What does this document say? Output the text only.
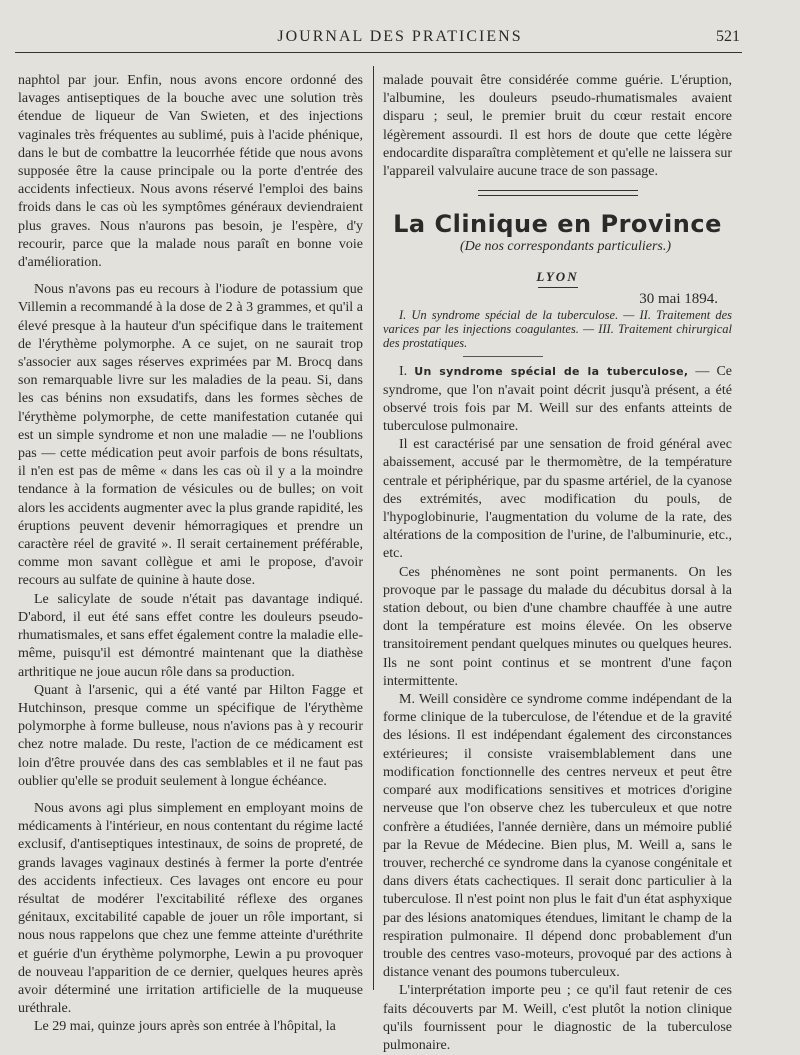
JOURNAL DES PRATICIENS	521

naphtol par jour. Enfin, nous avons encore ordonné des lavages antiseptiques de la bouche avec une solution très étendue de liqueur de Van Swieten, et des injections vaginales très fréquentes au sublimé, puis à l'acide phénique, dans le but de combattre la leucorrhée fétide que nous avons supposée être la cause principale ou la porte d'entrée des accidents infectieux. Nous avons réservé l'emploi des bains froids dans le cas où les symptômes généraux deviendraient plus graves. Nous n'aurons pas besoin, je l'espère, d'y recourir, parce que la malade nous paraît en bonne voie d'amélioration.

Nous n'avons pas eu recours à l'iodure de potassium que Villemin a recommandé à la dose de 2 à 3 grammes, et qu'il a élevé presque à la hauteur d'un spécifique dans le traitement de l'érythème polymorphe. A ce sujet, on ne saurait trop s'associer aux sages réserves exprimées par M. Brocq dans son remarquable livre sur les maladies de la peau. Si, dans les cas bénins non exsudatifs, dans les formes sèches de l'érythème polymorphe, de cette manifestation cutanée qui est un simple syndrome et non une maladie — ne l'oublions pas — cette médication peut avoir parfois de bons résultats, il n'en est pas de même « dans les cas où il y a la moindre tendance à la formation de vésicules ou de bulles; on voit alors les accidents augmenter avec la plus grande rapidité, les éruptions peuvent devenir hémorragiques et prendre un caractère réel de gravité ». Il serait certainement préférable, comme mon savant collègue et ami le propose, d'avoir recours au sulfate de quinine à haute dose.

Le salicylate de soude n'était pas davantage indiqué. D'abord, il eut été sans effet contre les douleurs pseudo-rhumatismales, et sans effet également contre la maladie elle-même, puisqu'il est démontré maintenant que la diathèse arthritique ne joue aucun rôle dans sa production.

Quant à l'arsenic, qui a été vanté par Hilton Fagge et Hutchinson, presque comme un spécifique de l'érythème polymorphe à forme bulleuse, nous n'avions pas à y recourir chez notre malade. Du reste, l'action de ce médicament est loin d'être prouvée dans des cas semblables et il ne faut pas oublier qu'elle se produit seulement à longue échéance.

Nous avons agi plus simplement en employant moins de médicaments à l'intérieur, en nous contentant du régime lacté exclusif, d'antiseptiques intestinaux, de soins de propreté, de grands lavages vaginaux destinés à fermer la porte d'entrée des accidents infectieux. Ces lavages ont encore eu pour résultat de modérer l'excitabilité réflexe des organes génitaux, excitabilité capable de jouer un rôle important, si nous nous rappelons que chez une femme atteinte d'uréthrite et guérie d'un érythème polymorphe, Lewin a pu provoquer de nouveau l'apparition de ce dernier, quelques heures après avoir déterminé une irritation artificielle de la muqueuse uréthrale.

Le 29 mai, quinze jours après son entrée à l'hôpital, la

malade pouvait être considérée comme guérie. L'éruption, l'albumine, les douleurs pseudo-rhumatismales avaient disparu ; seul, le premier bruit du cœur restait encore légèrement assourdi. Il est hors de doute que cette légère endocardite disparaîtra complètement et qu'elle ne laissera sur l'appareil valvulaire aucune trace de son passage.

La Clinique en Province

(De nos correspondants particuliers.)

LYON
30 mai 1894.

I. Un syndrome spécial de la tuberculose. — II. Traitement des varices par les injections coagulantes. — III. Traitement chirurgical des prostatiques.

I. Un syndrome spécial de la tuberculose, — Ce syndrome, que l'on n'avait point décrit jusqu'à présent, a été observé trois fois par M. Weill sur des enfants atteints de tuberculose pulmonaire.

Il est caractérisé par une sensation de froid général avec abaissement, accusé par le thermomètre, de la température centrale et périphérique, par du spasme artériel, de la cyanose des extrémités, avec modification du pouls, de l'hypoglobinurie, l'augmentation du volume de la rate, des altérations de la composition de l'urine, de l'albuminurie, etc., etc.

Ces phénomènes ne sont point permanents. On les provoque par le passage du malade du décubitus dorsal à la station debout, ou bien d'une chambre chauffée à une autre dont la température est moins élevée. On les observe transitoirement pendant quelques minutes ou quelques heures. Ils ne sont point continus et se montrent d'une façon intermittente.

M. Weill considère ce syndrome comme indépendant de la forme clinique de la tuberculose, de l'étendue et de la gravité des lésions. Il est indépendant également des circonstances extérieures; il consiste vraisemblablement dans une modification fonctionnelle des centres nerveux et peut être comparé aux modifications sensitives et motrices d'origine nerveuse que l'on observe chez les tuberculeux et que notre confrère a étudiées, l'année dernière, dans un mémoire publié par la Revue de Médecine. Bien plus, M. Weill a, sans le trouver, recherché ce syndrome dans la cyanose congénitale et dans divers états cachectiques. Il serait donc particulier à la tuberculose. Il n'est point non plus le fait d'un état asphyxique par des lésions anatomiques étendues, limitant le champ de la respiration pulmonaire. Il dépend donc probablement d'un trouble des centres vaso-moteurs, provoqué par des actions à distance venant des poumons tuberculeux.

L'interprétation importe peu ; ce qu'il faut retenir de ces faits découverts par M. Weill, c'est plutôt la notion clinique qu'ils fournissent pour le diagnostic de la tuberculose pulmonaire.
